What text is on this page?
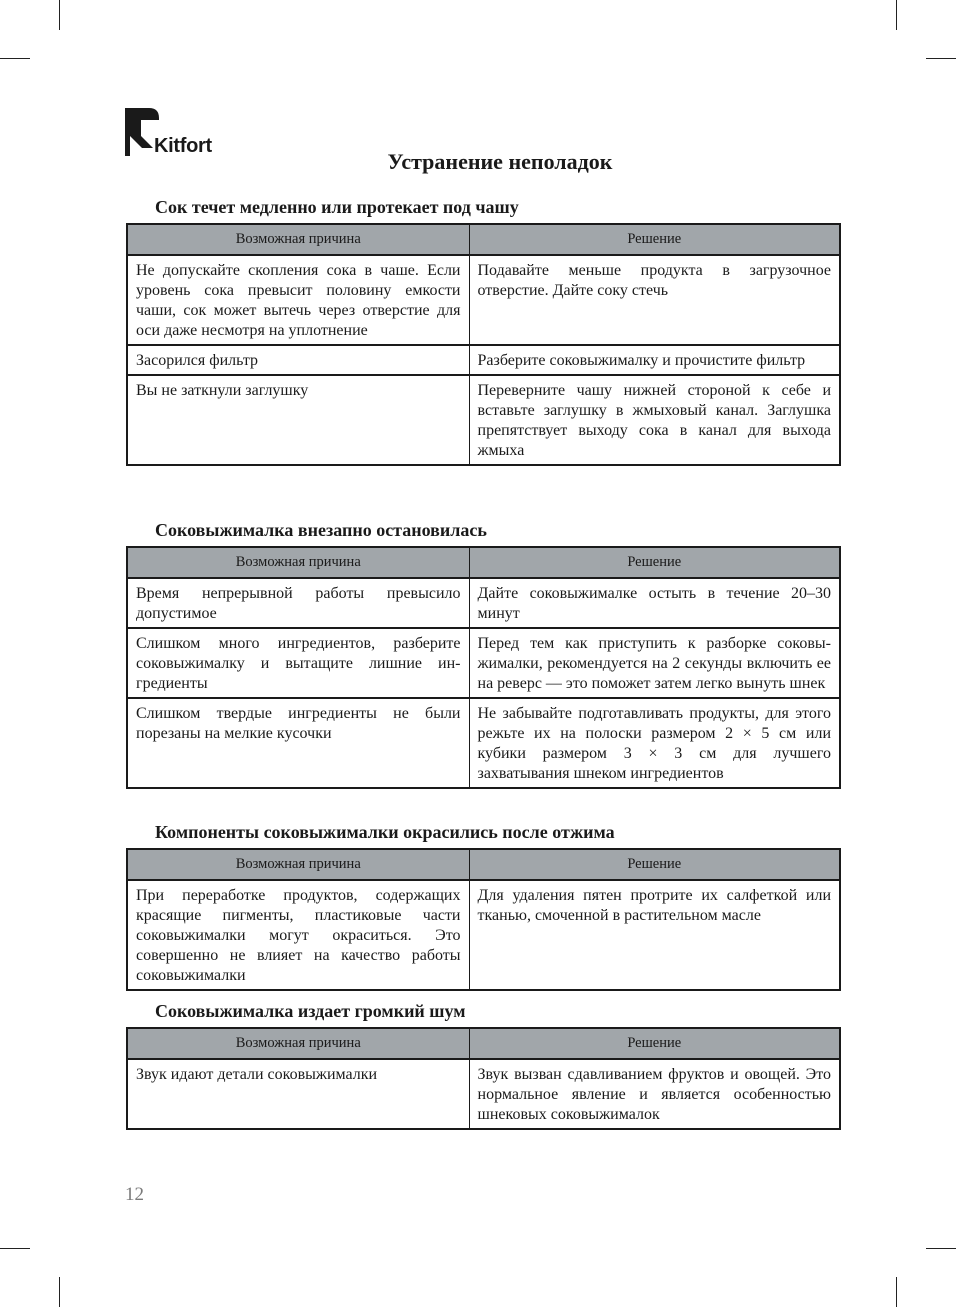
Kitfort
Устранение неполадок
Сок течет медленно или протекает под чашу
Возможная причина	Решение
Не допускайте скопления сока в чаше. Если уровень сока превысит половину емкости чаши, сок может вытечь через отверстие для оси даже несмотря на уплотнение	Подавайте меньше продукта в загрузочное отверстие. Дайте соку стечь
Засорился фильтр	Разберите соковыжималку и прочистите фильтр
Вы не заткнули заглушку	Переверните чашу нижней стороной к себе и вставьте заглушку в жмыховый канал. Заглушка препятствует выходу сока в канал для выхода жмыха
Соковыжималка внезапно остановилась
Возможная причина	Решение
Время непрерывной работы превысило допустимое	Дайте соковыжималке остыть в течение 20–30 минут
Слишком много ингредиентов, разберите соковыжималку и вытащите лишние ингредиенты	Перед тем как приступить к разборке соковыжималки, рекомендуется на 2 секунды включить ее на реверс — это поможет затем легко вынуть шнек
Слишком твердые ингредиенты не были порезаны на мелкие кусочки	Не забывайте подготавливать продукты, для этого режьте их на полоски размером 2 × 5 см или кубики размером 3 × 3 см для лучшего захватывания шнеком ингредиентов
Компоненты соковыжималки окрасились после отжима
Возможная причина	Решение
При переработке продуктов, содержащих красящие пигменты, пластиковые части соковыжималки могут окраситься. Это совершенно не влияет на качество работы соковыжималки	Для удаления пятен протрите их салфеткой или тканью, смоченной в растительном масле
Соковыжималка издает громкий шум
Возможная причина	Решение
Звук идают детали соковыжималки	Звук вызван сдавливанием фруктов и овощей. Это нормальное явление и является особенностью шнековых соковыжималок
12
